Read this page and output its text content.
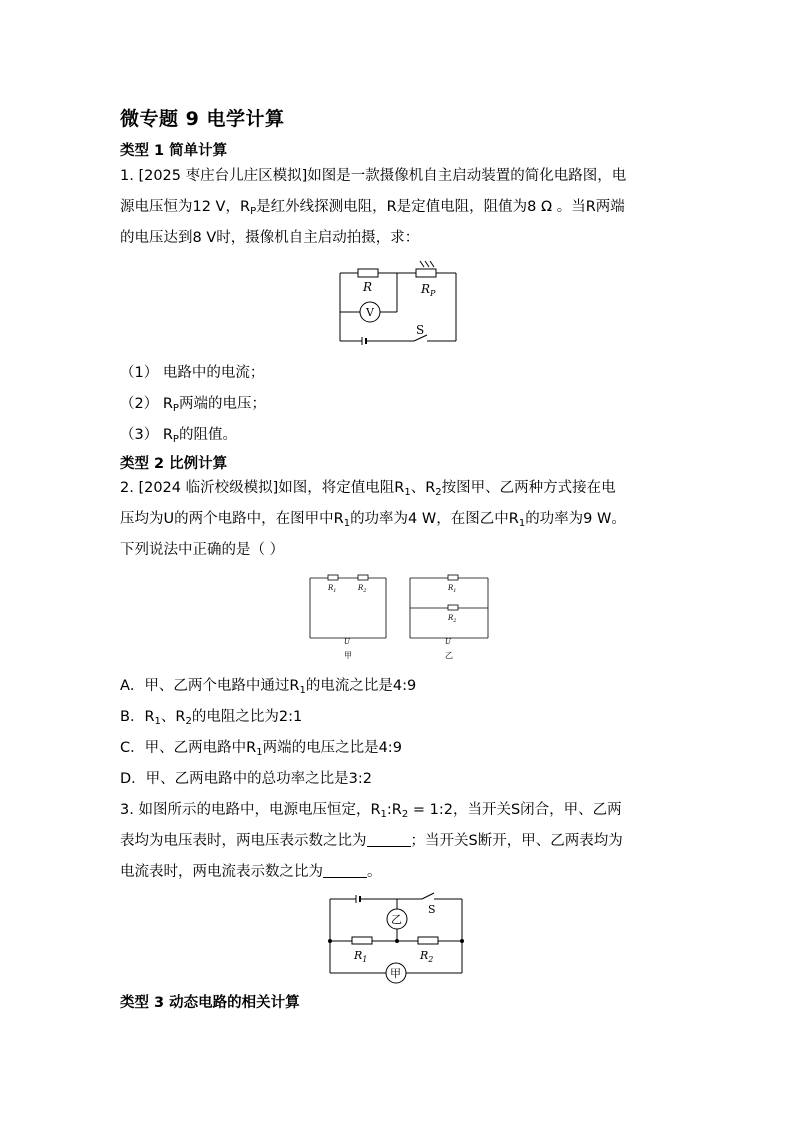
微专题 9 电学计算
类型 1 简单计算
1. [2025 枣庄台儿庄区模拟]如图是一款摄像机自主启动装置的简化电路图，电
源电压恒为12 V，$R_P$是红外线探测电阻，R是定值电阻，阻值为8 Ω 。当R两端
的电压达到8 V时，摄像机自主启动拍摄，求：
R	$R_P$
V
S
（1） 电路中的电流；
（2） $R_P$两端的电压；
（3） $R_P$的阻值。
类型 2 比例计算
2. [2024 临沂校级模拟]如图，将定值电阻$R_1$、$R_2$按图甲、乙两种方式接在电
压均为U的两个电路中，在图甲中$R_1$的功率为4 W，在图乙中$R_1$的功率为9 W。
下列说法中正确的是（ ）
$R_1$	$R_2$
U
甲
$R_1$
$R_2$
U
乙
A．甲、乙两个电路中通过$R_1$的电流之比是4:9
B．$R_1$、$R_2$的电阻之比为2:1
C．甲、乙两电路中$R_1$两端的电压之比是4:9
D．甲、乙两电路中的总功率之比是3:2
3. 如图所示的电路中，电源电压恒定，$R_1:R_2$ = 1:2，当开关S闭合，甲、乙两
表均为电压表时，两电压表示数之比为	；当开关S断开，甲、乙两表均为
电流表时，两电流表示数之比为	。
乙
甲
S
$R_1$	$R_2$
类型 3 动态电路的相关计算
